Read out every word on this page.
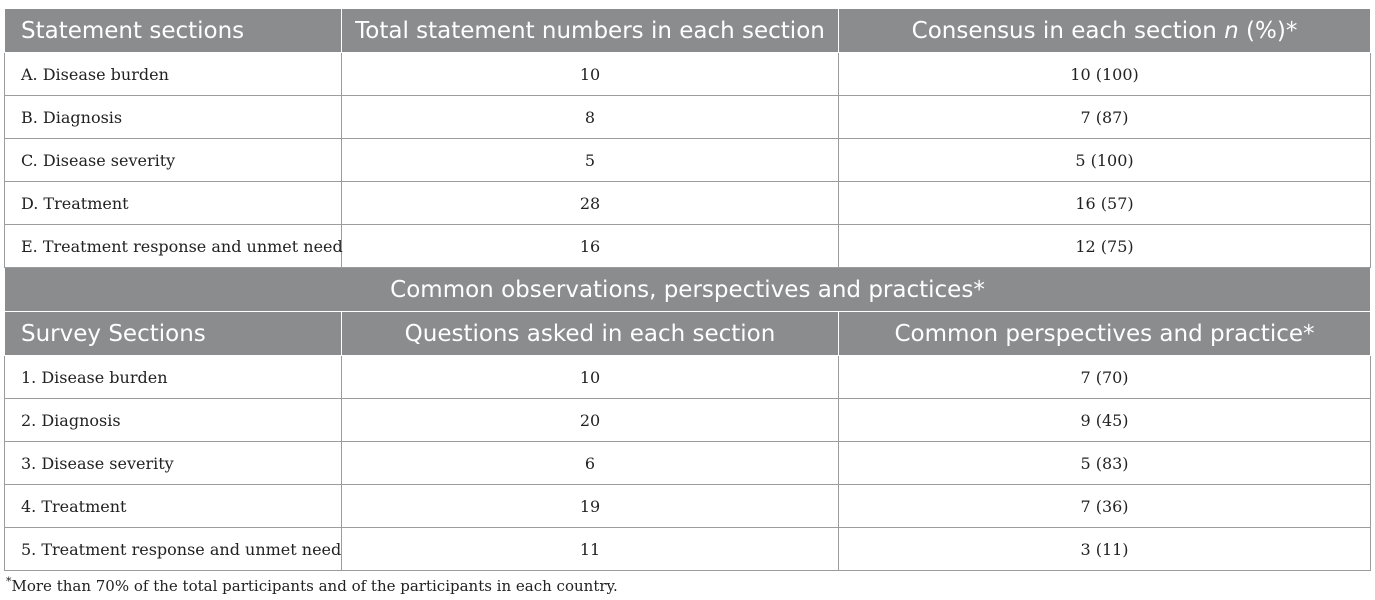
Statement sections	Total statement numbers in each section	Consensus in each section n (%)*
A. Disease burden	10	10 (100)
B. Diagnosis	8	7 (87)
C. Disease severity	5	5 (100)
D. Treatment	28	16 (57)
E. Treatment response and unmet need	16	12 (75)
Common observations, perspectives and practices*		
Survey Sections	Questions asked in each section	Common perspectives and practice*
1. Disease burden	10	7 (70)
2. Diagnosis	20	9 (45)
3. Disease severity	6	5 (83)
4. Treatment	19	7 (36)
5. Treatment response and unmet need	11	3 (11)
*More than 70% of the total participants and of the participants in each country.
